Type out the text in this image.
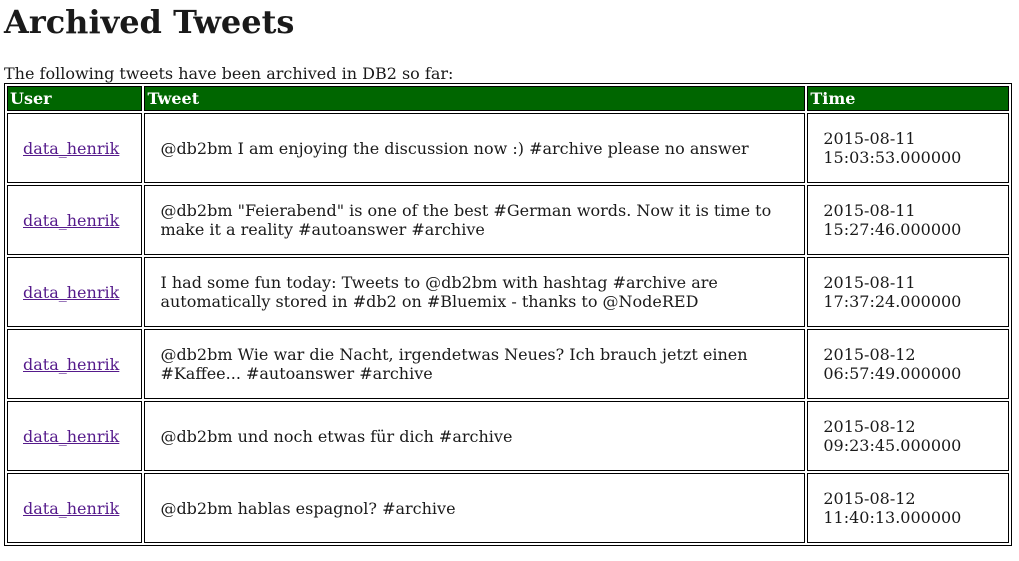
Archived Tweets

The following tweets have been archived in DB2 so far:

User	Tweet	Time
data_henrik	@db2bm I am enjoying the discussion now :) #archive please no answer	2015-08-11
15:03:53.000000

data_henrik	@db2bm "Feierabend" is one of the best #German words. Now it is time to make it a reality #autoanswer #archive	2015-08-11
15:27:46.000000

data_henrik	I had some fun today: Tweets to @db2bm with hashtag #archive are automatically stored in #db2 on #Bluemix - thanks to @NodeRED	2015-08-11
17:37:24.000000

data_henrik	@db2bm Wie war die Nacht, irgendetwas Neues? Ich brauch jetzt einen #Kaffee... #autoanswer #archive	2015-08-12
06:57:49.000000

data_henrik	@db2bm und noch etwas für dich #archive	2015-08-12
09:23:45.000000

data_henrik	@db2bm hablas espagnol? #archive	2015-08-12
11:40:13.000000
